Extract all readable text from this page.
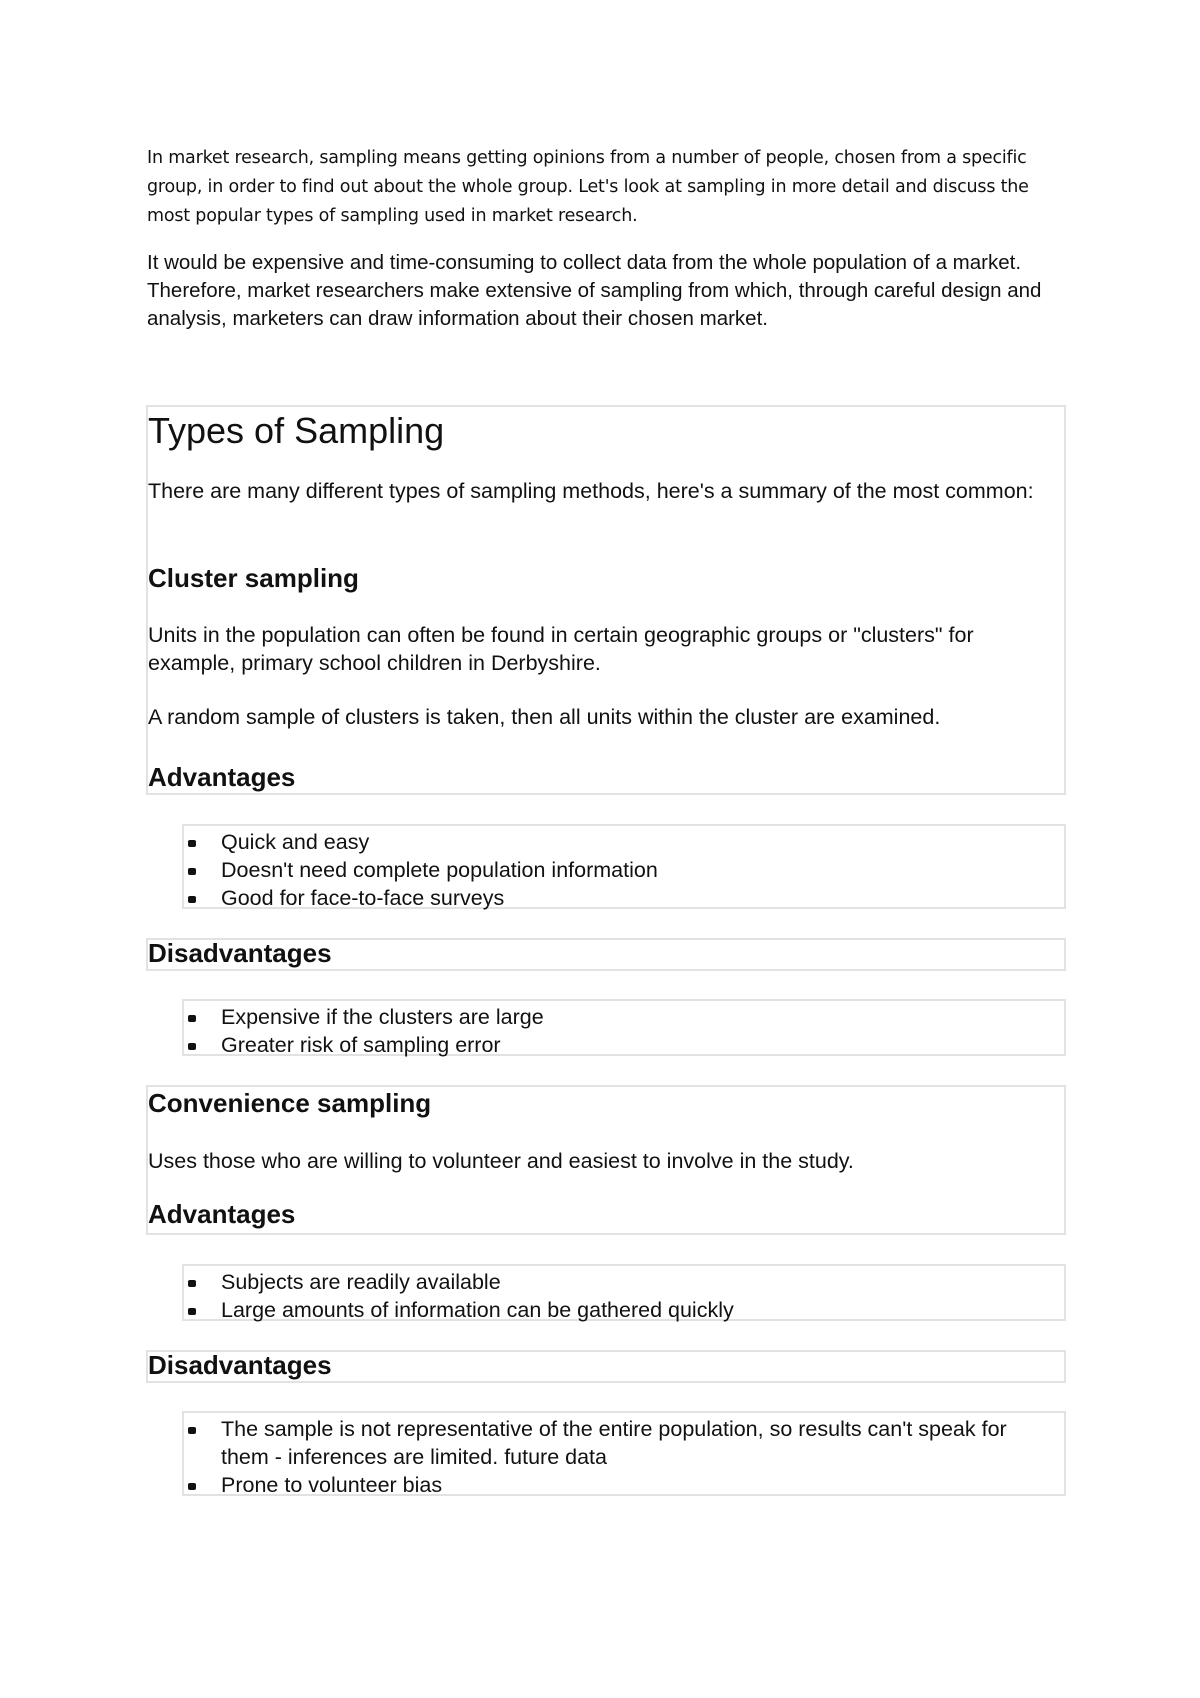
In market research, sampling means getting opinions from a number of people, chosen from a specific group, in order to find out about the whole group. Let's look at sampling in more detail and discuss the most popular types of sampling used in market research.

It would be expensive and time-consuming to collect data from the whole population of a market. Therefore, market researchers make extensive of sampling from which, through careful design and analysis, marketers can draw information about their chosen market.

Types of Sampling

There are many different types of sampling methods, here's a summary of the most common:

Cluster sampling

Units in the population can often be found in certain geographic groups or "clusters" for example, primary school children in Derbyshire.

A random sample of clusters is taken, then all units within the cluster are examined.

Advantages
Quick and easy
Doesn't need complete population information
Good for face-to-face surveys
Disadvantages
Expensive if the clusters are large
Greater risk of sampling error
Convenience sampling

Uses those who are willing to volunteer and easiest to involve in the study.

Advantages
Subjects are readily available
Large amounts of information can be gathered quickly
Disadvantages
The sample is not representative of the entire population, so results can't speak for them - inferences are limited. future data
Prone to volunteer bias
